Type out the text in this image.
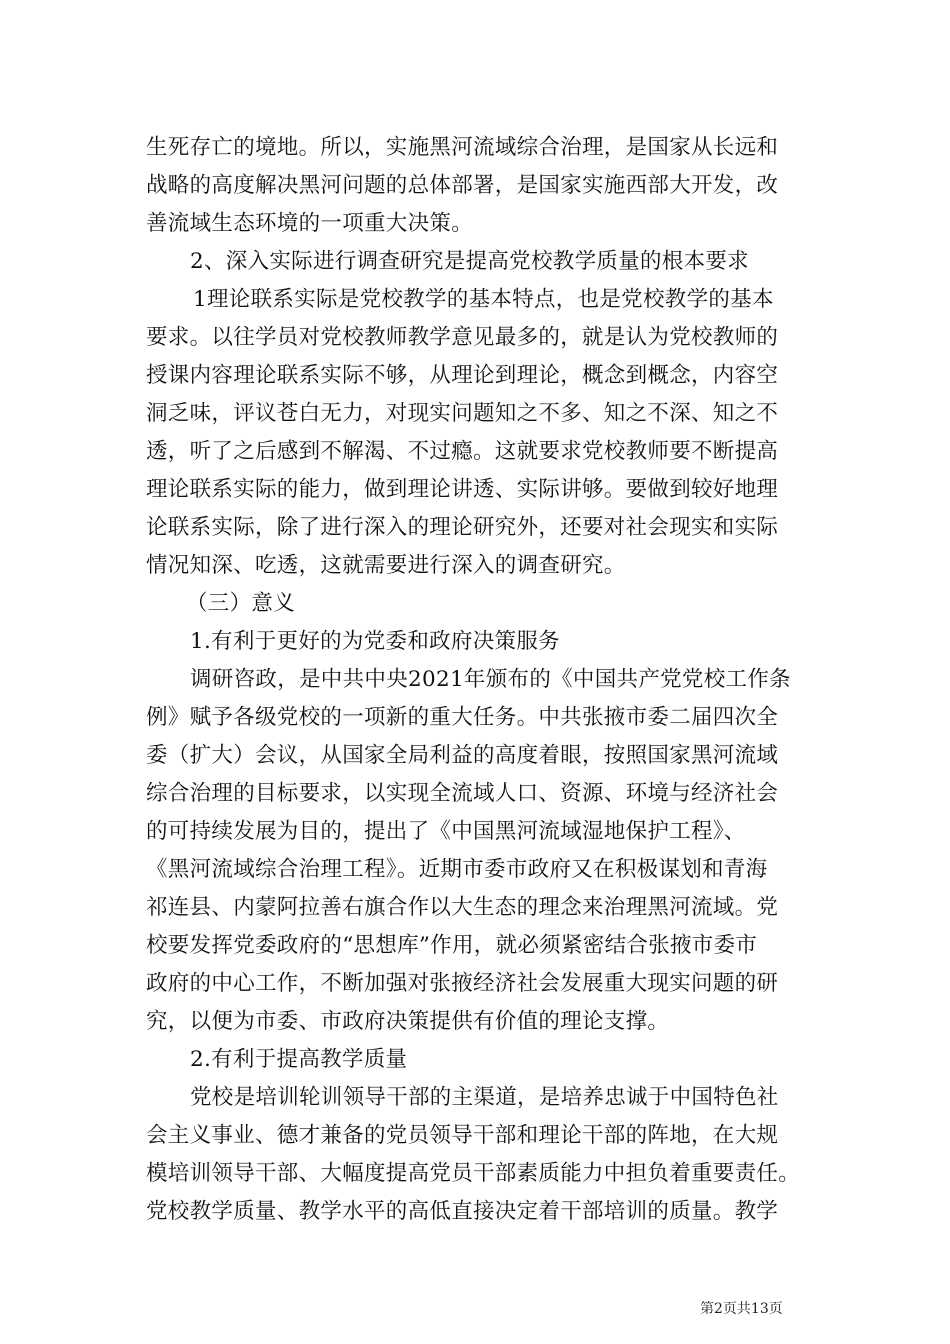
生死存亡的境地。所以，实施黑河流域综合治理，是国家从长远和
战略的高度解决黑河问题的总体部署，是国家实施西部大开发，改
善流域生态环境的一项重大决策。
2、深入实际进行调查研究是提高党校教学质量的根本要求
1理论联系实际是党校教学的基本特点，也是党校教学的基本
要求。以往学员对党校教师教学意见最多的，就是认为党校教师的
授课内容理论联系实际不够，从理论到理论，概念到概念，内容空
洞乏味，评议苍白无力，对现实问题知之不多、知之不深、知之不
透，听了之后感到不解渴、不过瘾。这就要求党校教师要不断提高
理论联系实际的能力，做到理论讲透、实际讲够。要做到较好地理
论联系实际，除了进行深入的理论研究外，还要对社会现实和实际
情况知深、吃透，这就需要进行深入的调查研究。
（三）意义
1.有利于更好的为党委和政府决策服务
调研咨政，是中共中央2021年颁布的《中国共产党党校工作条
例》赋予各级党校的一项新的重大任务。中共张掖市委二届四次全
委（扩大）会议，从国家全局利益的高度着眼，按照国家黑河流域
综合治理的目标要求，以实现全流域人口、资源、环境与经济社会
的可持续发展为目的，提出了《中国黑河流域湿地保护工程》、
《黑河流域综合治理工程》。近期市委市政府又在积极谋划和青海
祁连县、内蒙阿拉善右旗合作以大生态的理念来治理黑河流域。党
校要发挥党委政府的“思想库”作用，就必须紧密结合张掖市委市
政府的中心工作，不断加强对张掖经济社会发展重大现实问题的研
究，以便为市委、市政府决策提供有价值的理论支撑。
2.有利于提高教学质量
党校是培训轮训领导干部的主渠道，是培养忠诚于中国特色社
会主义事业、德才兼备的党员领导干部和理论干部的阵地，在大规
模培训领导干部、大幅度提高党员干部素质能力中担负着重要责任。
党校教学质量、教学水平的高低直接决定着干部培训的质量。教学
第2页共13页
